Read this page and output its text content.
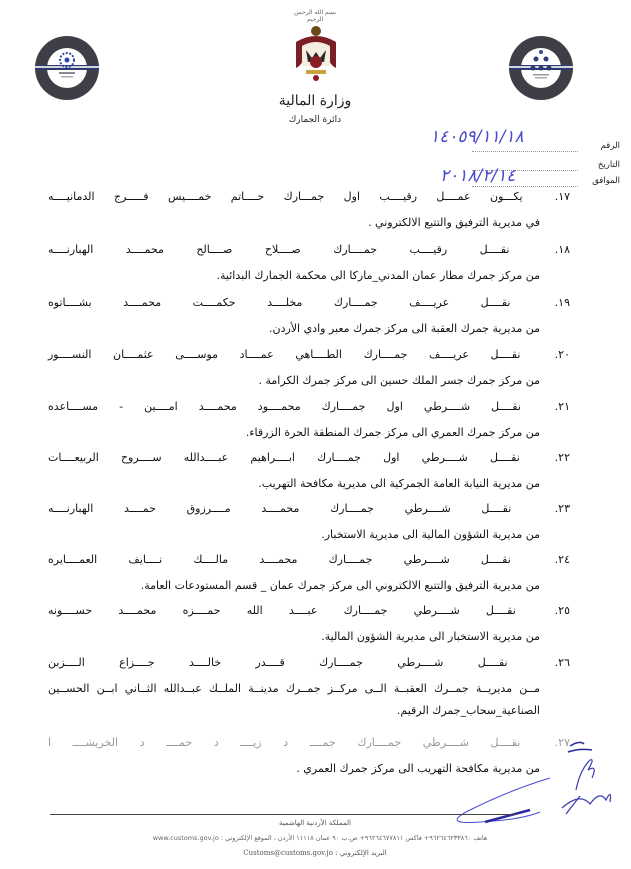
بسم الله الرحمن الرحيم
وزارة المالية
دائرة الجمارك
الرقم
١٤٠٥٩/١١/١٨
التاريخ
الموافق
٢٠١٨/٢/١٤
١٧. يكـــون عمــــل رقيــــب اول جمـــارك حــــاتم خمــــيس فـــــرج الدمانيــــه
في مديرية الترفيق والتتبع الالكتروني .
١٨. نقــــل رقيــــب جمــــارك صــــلاح صــــالح محمــــد الهبارنــــه
من مركز جمرك مطار عمان المدني_ماركا الى محكمة الجمارك البدائية.
١٩. نقــــل عريــــف جمــــارك مخلــــد حكمــــت محمــــد بشــــاتوه
من مديرية جمرك العقبة الى مركز جمرك معبر وادي الأردن.
٢٠. نقــــل عريــــف جمــــارك الطــــاهي عمــــاد موســــى عثمــــان النســــور
من مركز جمرك جسر الملك حسين الى مركز جمرك الكرامة .
٢١. نقــــل شــــرطي اول جمــــارك محمــــود محمــــد امــــين - مســــاعده
من مركز جمرك العمري الى مركز جمرك المنطقة الحرة الزرقاء.
٢٢. نقــــل شــــرطي اول جمــــارك ابــــراهيم عبــــدالله ســــروح الربيعــــات
من مديرية النيابة العامة الجمركية الى مديرية مكافحة التهريب.
٢٣. نقــــل شــــرطي جمــــارك محمــــد مــــرزوق حمــــد الهبارنــــه
من مديرية الشؤون المالية الى مديرية الاستخبار.
٢٤. نقــــل شــــرطي جمــــارك محمــــد مالــــك نــــايف العمــــايره
من مديرية الترفيق والتتبع الالكتروني الى مركز جمرك عمان _ قسم المستودعات العامة.
٢٥. نقــــل شــــرطي جمــــارك عبــــد الله حمــــزه محمــــد حســــونه
من مديرية الاستخبار الى مديرية الشؤون المالية.
٢٦. نقــــل شــــرطي جمــــارك قــــدر خالــــد جــــزاع الــــزبن
مــن مديريــة جمــرك العقبــة الــى مركــز جمــرك مدينــة الملــك عبــدالله الثــاني ابــن الحســين
الصناعية_سحاب_جمرك الرقيم.
٢٧. نقــــل شــــرطي جمــــارك جمــــ د زيــــ د حمــــ د الخريشــــ ا
من مديرية مكافحة التهريب الى مركز جمرك العمري .
المملكة الأردنية الهاشمية
هاتف ٩٦٢٦٤٦٢٣٣٨٦٠+ فاكس ٩٦٢٦٤٦٧٧٨١١+ ص.ب ٩٠ عمان ١١١١٨ الأردن ، الموقع الإلكتروني : www.customs.gov.jo
البريد الإلكتروني : Customs@customs.gov.jo
